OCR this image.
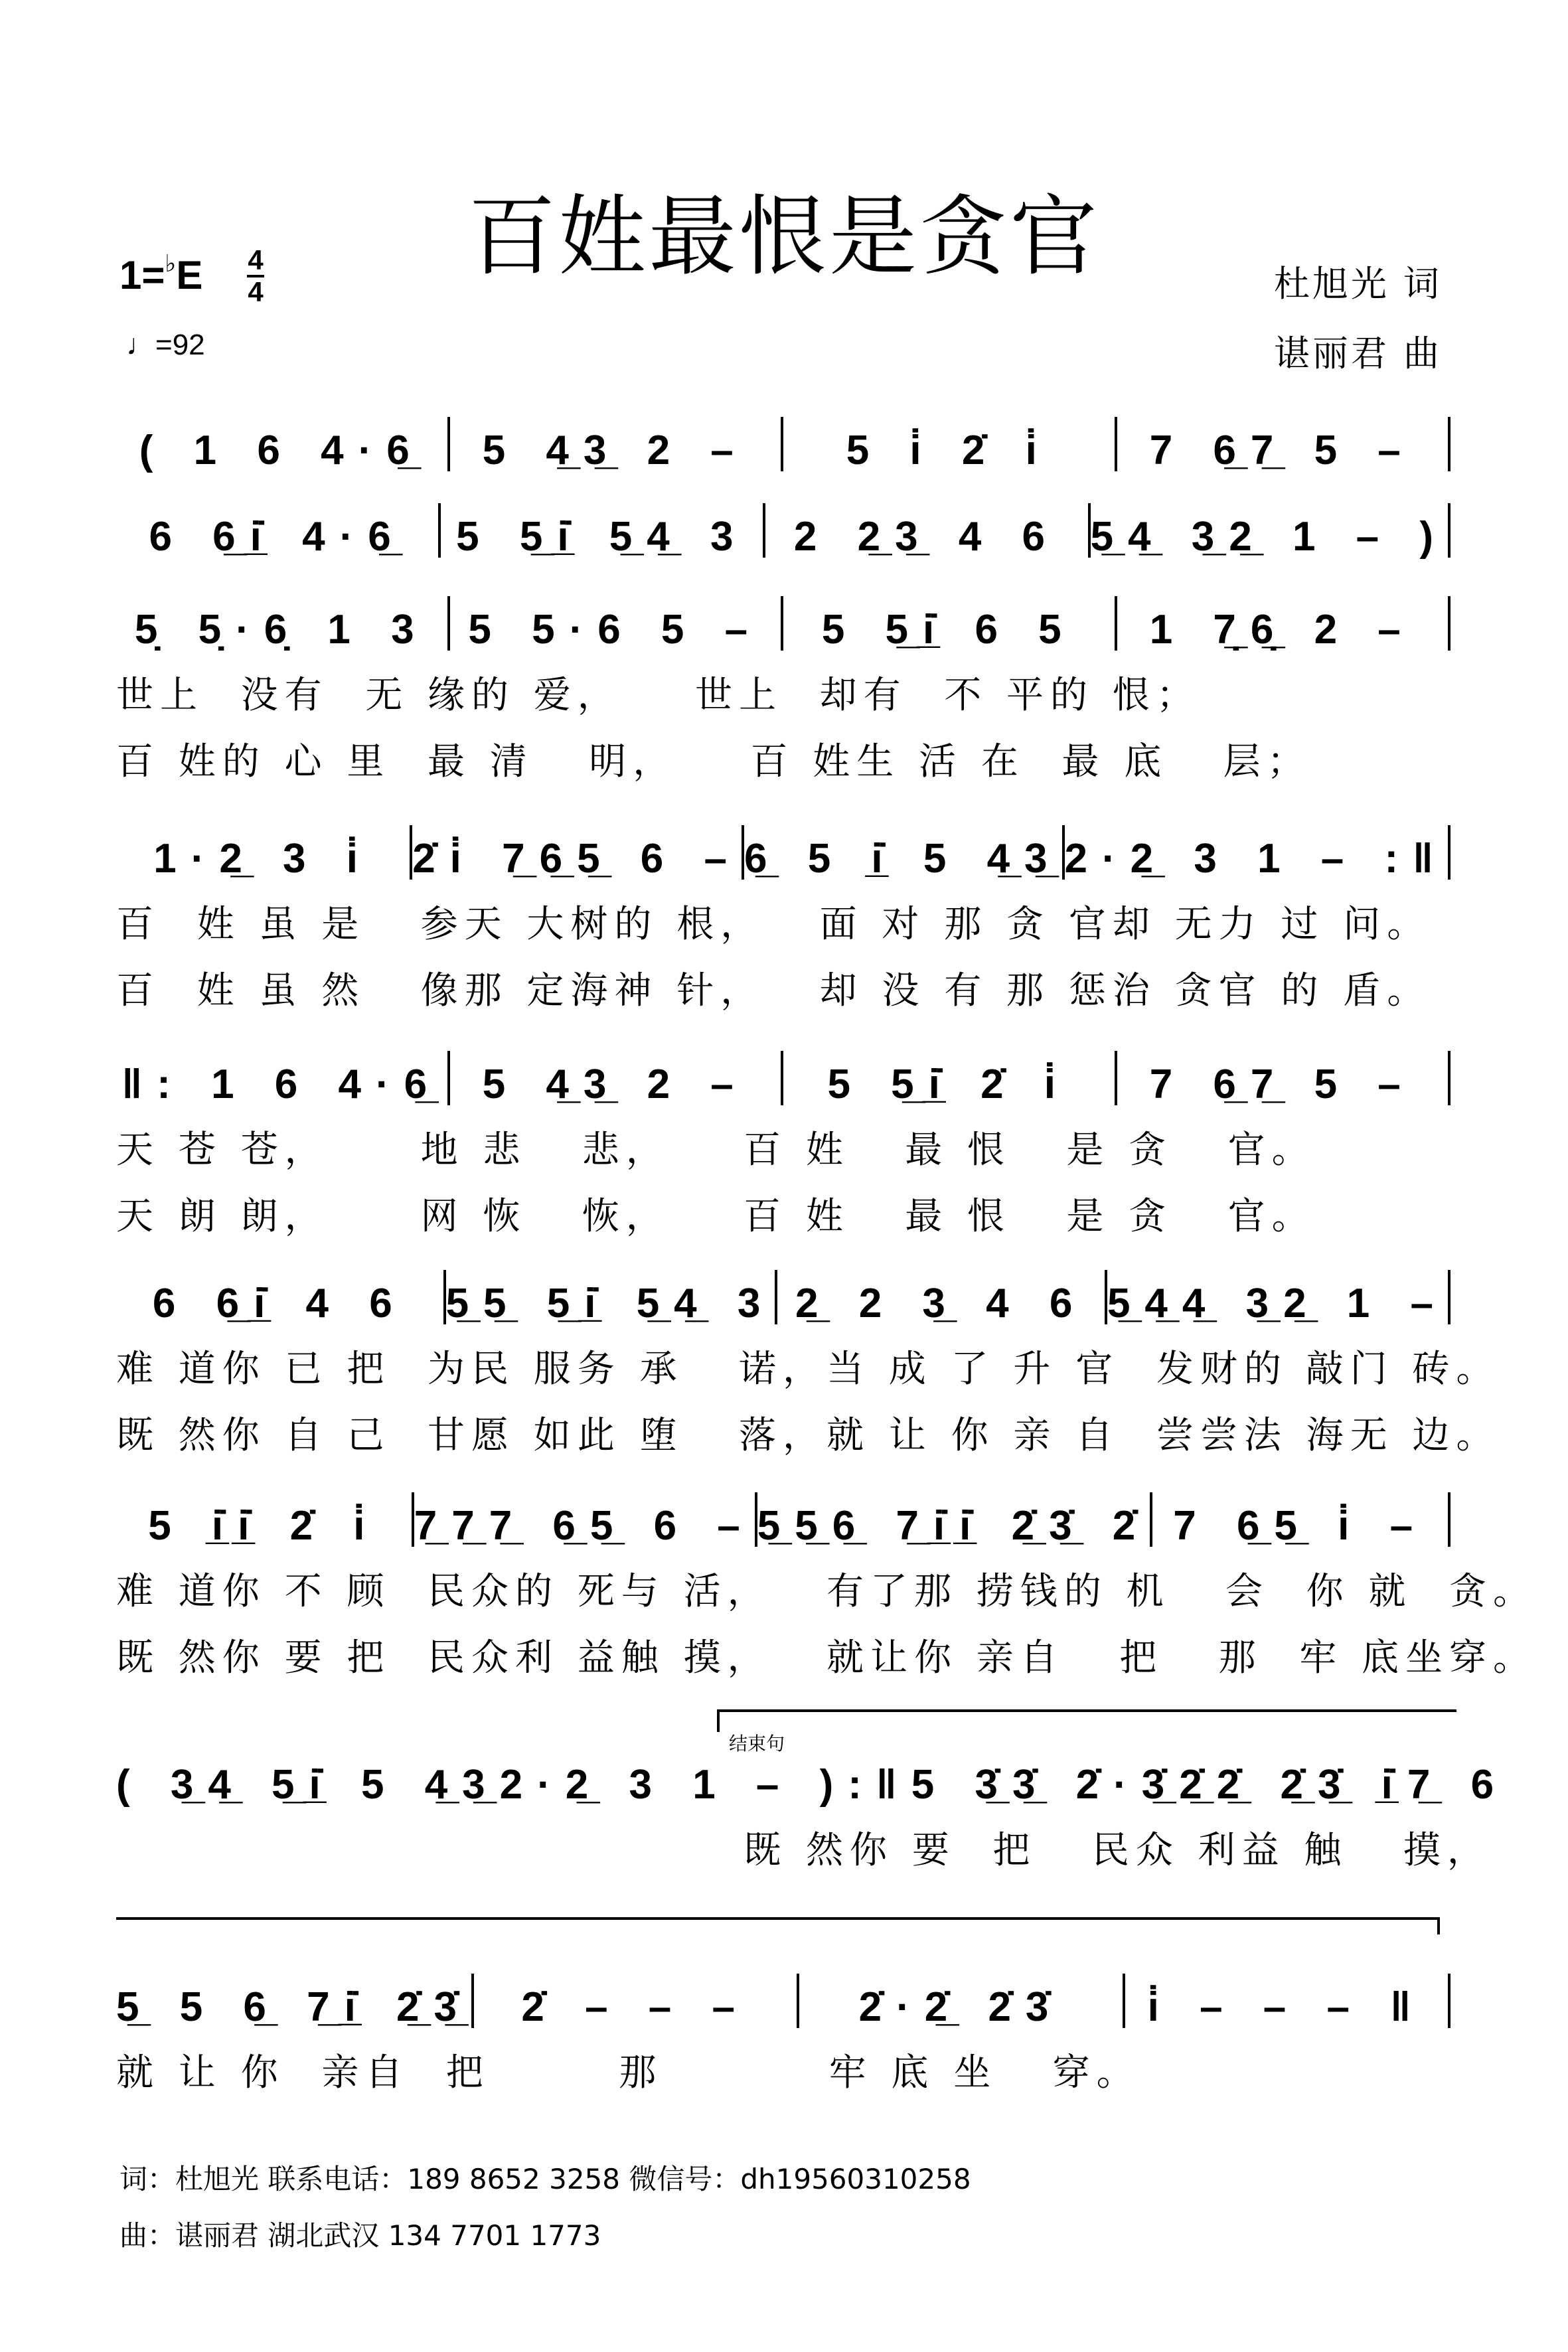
百姓最恨是贪官
1=♭E 4
4
♩=92
杜旭光 词
谌丽君 曲
( 1 6 4·6̲ 5 4̲3̲ 2 – 5 i̇ 2̇ i̇ 7 6̲7̲ 5 –
6 6̲i̲̇ 4·6̲ 5 5̲i̲̇ 5̲4̲ 3 2 2̲3̲ 4 6 5̲4̲ 3̲2̲ 1 – )
5̣ 5̣·6̣ 1 3 5 5·6 5 – 5 5̲i̲̇ 6 5 1 7̣̲6̣̲ 2 –
世上  没有  无 缘的 爱，    世上  却有  不 平的 恨；
百 姓的 心 里  最 清   明，    百 姓生 活 在  最 底   层；
1·2̲ 3 i̇ 2̇i̇ 7̲6̲5̲ 6 – 6̲ 5 i̲̇ 5 4̲3̲ 2·2̲ 3 1 – :‖
百  姓 虽 是   参天 大树的 根，   面 对 那 贪 官却 无力 过 问。
百  姓 虽 然   像那 定海神 针，   却 没 有 那 惩治 贪官 的 盾。
‖: 1 6 4·6̲ 5 4̲3̲ 2 – 5 5̲i̲̇ 2̇ i̇ 7 6̲7̲ 5 –
天 苍 苍，     地 悲   悲，    百 姓   最 恨   是 贪   官。
天 朗 朗，     网 恢   恢，    百 姓   最 恨   是 贪   官。
6 6̲i̲̇ 4 6 5̲5̲ 5̲i̲̇ 5̲4̲ 3 2̲ 2 3̲ 4 6 5̲4̲4̲ 3̲2̲ 1 –
难 道你 已 把  为民 服务 承   诺，当 成 了 升 官  发财的 敲门 砖。
既 然你 自 己  甘愿 如此 堕   落，就 让 你 亲 自  尝尝法 海无 边。
5 i̲̇i̲̇ 2̇ i̇ 7̲7̲7̲ 6̲5̲ 6 – 5̲5̲6̲ 7̲i̲̇i̲̇ 2̲̇3̲̇ 2̇ 7 6̲5̲ i̇ –
难 道你 不 顾  民众的 死与 活，   有了那 捞钱的 机   会  你 就  贪。
既 然你 要 把  民众利 益触 摸，   就让你 亲自   把   那  牢 底坐穿。
( 3̲4̲ 5̲i̲̇ 5 4̲3̲ 2·2̲ 3 1 – ):‖ 5 3̲̇3̲̇ 2̇·3̲̇ 2̲̇2̲̇ 2̲̇3̲̇ i̲̇7̲ 6
既 然你 要  把   民众 利益 触   摸，
5̲ 5 6̲ 7̲i̲̇ 2̲̇3̲̇ 2̇ – – –	2̇·2̲̇ 2̇3̇ i̇ – – – ‖
就 让 你  亲自  把       那         牢 底 坐   穿。
结束句
词：杜旭光 联系电话：189 8652 3258 微信号：dh19560310258
曲：谌丽君 湖北武汉 134 7701 1773
